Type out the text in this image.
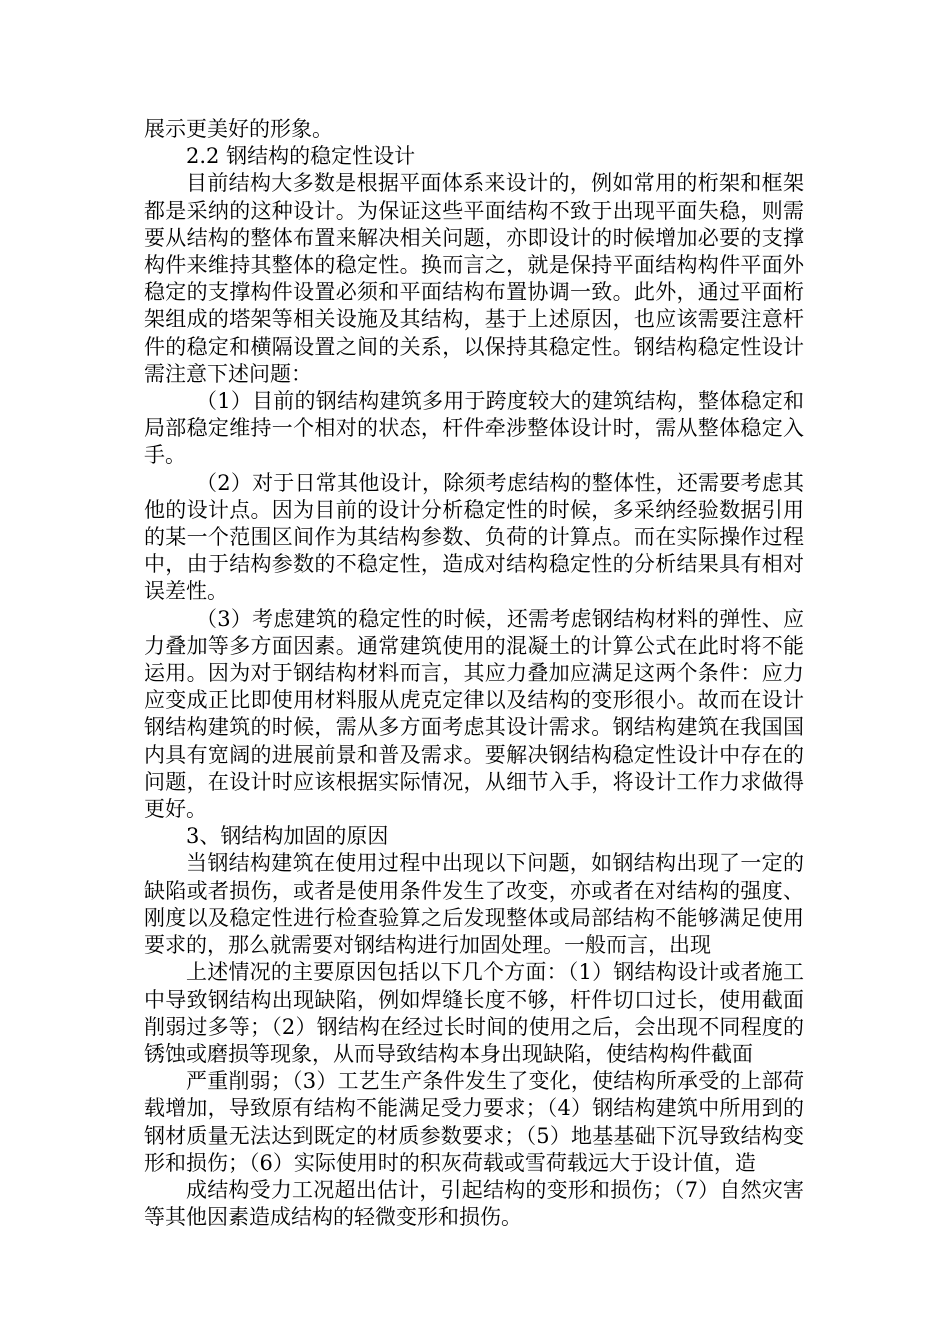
展示更美好的形象。

2.2 钢结构的稳定性设计

目前结构大多数是根据平面体系来设计的，例如常用的桁架和框架都是采纳的这种设计。为保证这些平面结构不致于出现平面失稳，则需要从结构的整体布置来解决相关问题，亦即设计的时候增加必要的支撑构件来维持其整体的稳定性。换而言之，就是保持平面结构构件平面外稳定的支撑构件设置必须和平面结构布置协调一致。此外，通过平面桁架组成的塔架等相关设施及其结构，基于上述原因，也应该需要注意杆件的稳定和横隔设置之间的关系，以保持其稳定性。钢结构稳定性设计需注意下述问题：

（1）目前的钢结构建筑多用于跨度较大的建筑结构，整体稳定和局部稳定维持一个相对的状态，杆件牵涉整体设计时，需从整体稳定入手。

（2）对于日常其他设计，除须考虑结构的整体性，还需要考虑其他的设计点。因为目前的设计分析稳定性的时候，多采纳经验数据引用的某一个范围区间作为其结构参数、负荷的计算点。而在实际操作过程中，由于结构参数的不稳定性，造成对结构稳定性的分析结果具有相对误差性。

（3）考虑建筑的稳定性的时候，还需考虑钢结构材料的弹性、应力叠加等多方面因素。通常建筑使用的混凝土的计算公式在此时将不能运用。因为对于钢结构材料而言，其应力叠加应满足这两个条件：应力应变成正比即使用材料服从虎克定律以及结构的变形很小。故而在设计钢结构建筑的时候，需从多方面考虑其设计需求。钢结构建筑在我国国内具有宽阔的进展前景和普及需求。要解决钢结构稳定性设计中存在的问题，在设计时应该根据实际情况，从细节入手，将设计工作力求做得更好。

3、钢结构加固的原因

当钢结构建筑在使用过程中出现以下问题，如钢结构出现了一定的缺陷或者损伤，或者是使用条件发生了改变，亦或者在对结构的强度、刚度以及稳定性进行检查验算之后发现整体或局部结构不能够满足使用要求的，那么就需要对钢结构进行加固处理。一般而言，出现

上述情况的主要原因包括以下几个方面：（1）钢结构设计或者施工中导致钢结构出现缺陷，例如焊缝长度不够，杆件切口过长，使用截面削弱过多等；（2）钢结构在经过长时间的使用之后，会出现不同程度的锈蚀或磨损等现象，从而导致结构本身出现缺陷，使结构构件截面

严重削弱；（3）工艺生产条件发生了变化，使结构所承受的上部荷载增加，导致原有结构不能满足受力要求；（4）钢结构建筑中所用到的钢材质量无法达到既定的材质参数要求；（5）地基基础下沉导致结构变形和损伤；（6）实际使用时的积灰荷载或雪荷载远大于设计值，造

成结构受力工况超出估计，引起结构的变形和损伤；（7）自然灾害等其他因素造成结构的轻微变形和损伤。
